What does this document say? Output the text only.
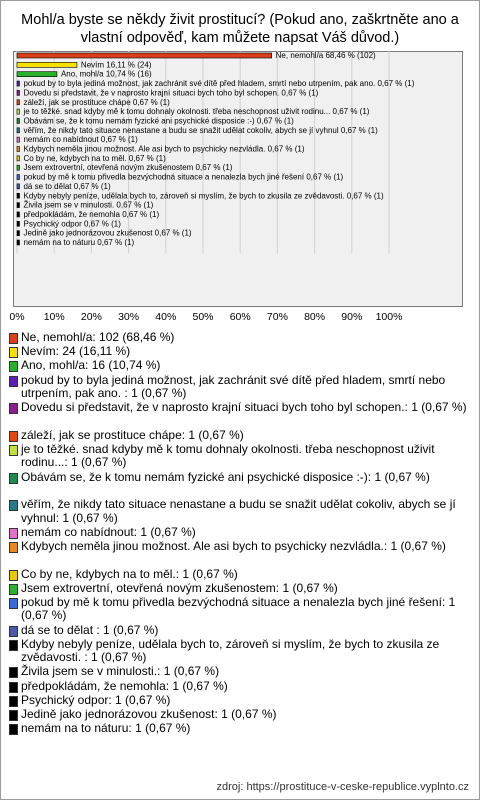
Mohl/a byste se někdy živit prostitucí? (Pokud ano, zaškrtněte ano a vlastní odpověď, kam můžete napsat Váš důvod.)
Ne, nemohl/a 68,46 % (102)
Nevím 16,11 % (24)
Ano, mohl/a 10,74 % (16)
pokud by to byla jediná možnost, jak zachránit své dítě před hladem, smrtí nebo utrpením, pak ano. 0,67 % (1)
Dovedu si představit, že v naprosto krajní situaci bych toho byl schopen. 0,67 % (1)
záleží, jak se prostituce chápe 0,67 % (1)
je to těžké. snad kdyby mě k tomu dohnaly okolnosti. třeba neschopnost uživit rodinu... 0,67 % (1)
Obávám se, že k tomu nemám fyzické ani psychické disposice :-) 0,67 % (1)
věřím, že nikdy tato situace nenastane a budu se snažit udělat cokoliv, abych se jí vyhnul 0,67 % (1)
nemám co nabídnout 0,67 % (1)
Kdybych neměla jinou možnost. Ale asi bych to psychicky nezvládla. 0,67 % (1)
Co by ne, kdybych na to měl. 0,67 % (1)
Jsem extrovertní, otevřená novým zkušenostem 0,67 % (1)
pokud by mě k tomu přivedla bezvýchodná situace a nenalezla bych jiné řešení 0,67 % (1)
dá se to dělat 0,67 % (1)
Kdyby nebyly peníze, udělala bych to, zároveň si myslím, že bych to zkusila ze zvědavosti. 0,67 % (1)
Živila jsem se v minulosti. 0,67 % (1)
předpokládám, že nemohla 0,67 % (1)
Psychický odpor 0,67 % (1)
Jedině jako jednorázovou zkušenost 0,67 % (1)
nemám na to náturu 0,67 % (1)
0% 10% 20% 30% 40% 50% 60% 70% 80% 90% 100%
Ne, nemohl/a: 102 (68,46 %)
Nevím: 24 (16,11 %)
Ano, mohl/a: 16 (10,74 %)
pokud by to byla jediná možnost, jak zachránit své dítě před hladem, smrtí nebo utrpením, pak ano. : 1 (0,67 %)
Dovedu si představit, že v naprosto krajní situaci bych toho byl schopen.: 1 (0,67 %)
záleží, jak se prostituce chápe: 1 (0,67 %)
je to těžké. snad kdyby mě k tomu dohnaly okolnosti. třeba neschopnost uživit rodinu...: 1 (0,67 %)
Obávám se, že k tomu nemám fyzické ani psychické disposice :-): 1 (0,67 %)
věřím, že nikdy tato situace nenastane a budu se snažit udělat cokoliv, abych se jí vyhnul: 1 (0,67 %)
nemám co nabídnout: 1 (0,67 %)
Kdybych neměla jinou možnost. Ale asi bych to psychicky nezvládla.: 1 (0,67 %)
Co by ne, kdybych na to měl.: 1 (0,67 %)
Jsem extrovertní, otevřená novým zkušenostem: 1 (0,67 %)
pokud by mě k tomu přivedla bezvýchodná situace a nenalezla bych jiné řešení: 1 (0,67 %)
dá se to dělat : 1 (0,67 %)
Kdyby nebyly peníze, udělala bych to, zároveň si myslím, že bych to zkusila ze zvědavosti. : 1 (0,67 %)
Živila jsem se v minulosti.: 1 (0,67 %)
předpokládám, že nemohla: 1 (0,67 %)
Psychický odpor: 1 (0,67 %)
Jedině jako jednorázovou zkušenost: 1 (0,67 %)
nemám na to náturu: 1 (0,67 %)
zdroj: https://prostituce-v-ceske-republice.vyplnto.cz
